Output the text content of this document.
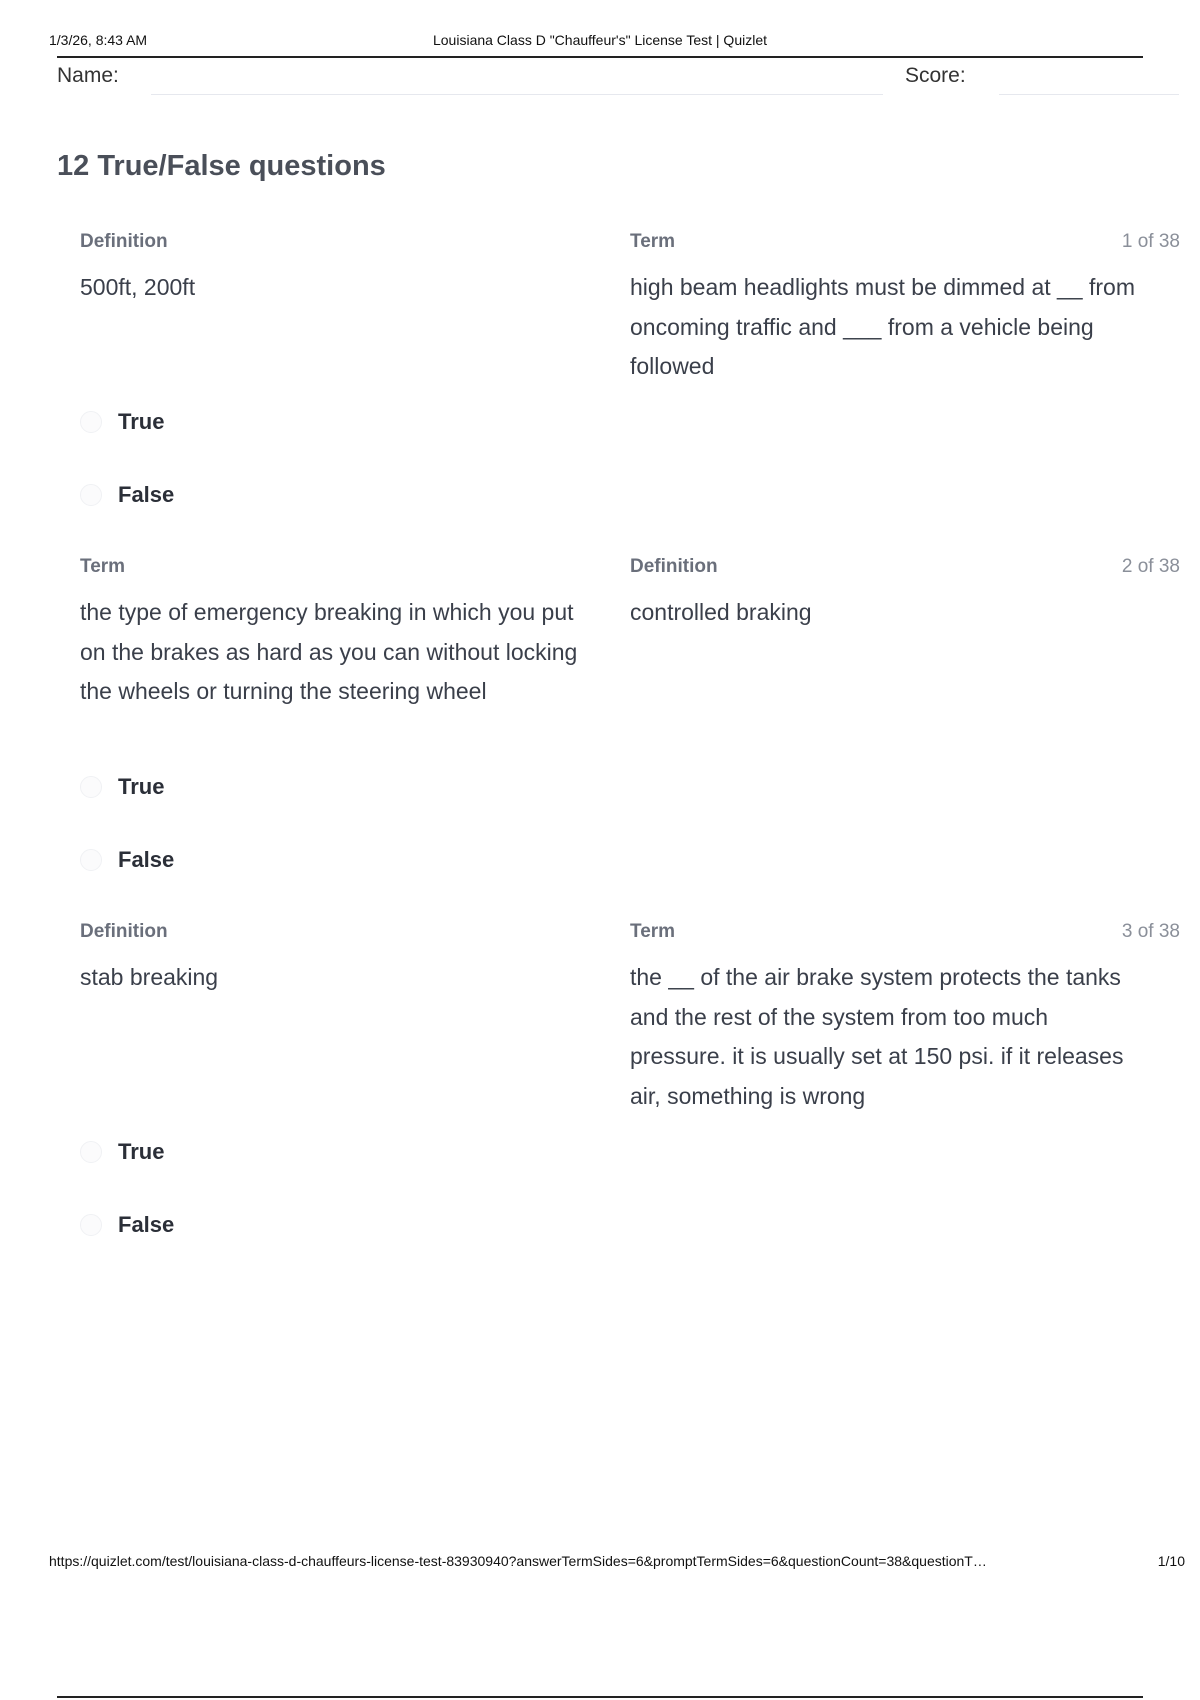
1/3/26, 8:43 AM	Louisiana Class D "Chauffeur's" License Test | Quizlet
Name:	Score:
12 True/False questions
Definition
500ft, 200ft
Term
high beam headlights must be dimmed at __ from oncoming traffic and ___ from a vehicle being followed
1 of 38
True
False
Term
the type of emergency breaking in which you put on the brakes as hard as you can without locking the wheels or turning the steering wheel
Definition
controlled braking
2 of 38
True
False
Definition
stab breaking
Term
the __ of the air brake system protects the tanks and the rest of the system from too much pressure. it is usually set at 150 psi. if it releases air, something is wrong
3 of 38
True
False
https://quizlet.com/test/louisiana-class-d-chauffeurs-license-test-83930940?answerTermSides=6&promptTermSides=6&questionCount=38&questionT…	1/10
